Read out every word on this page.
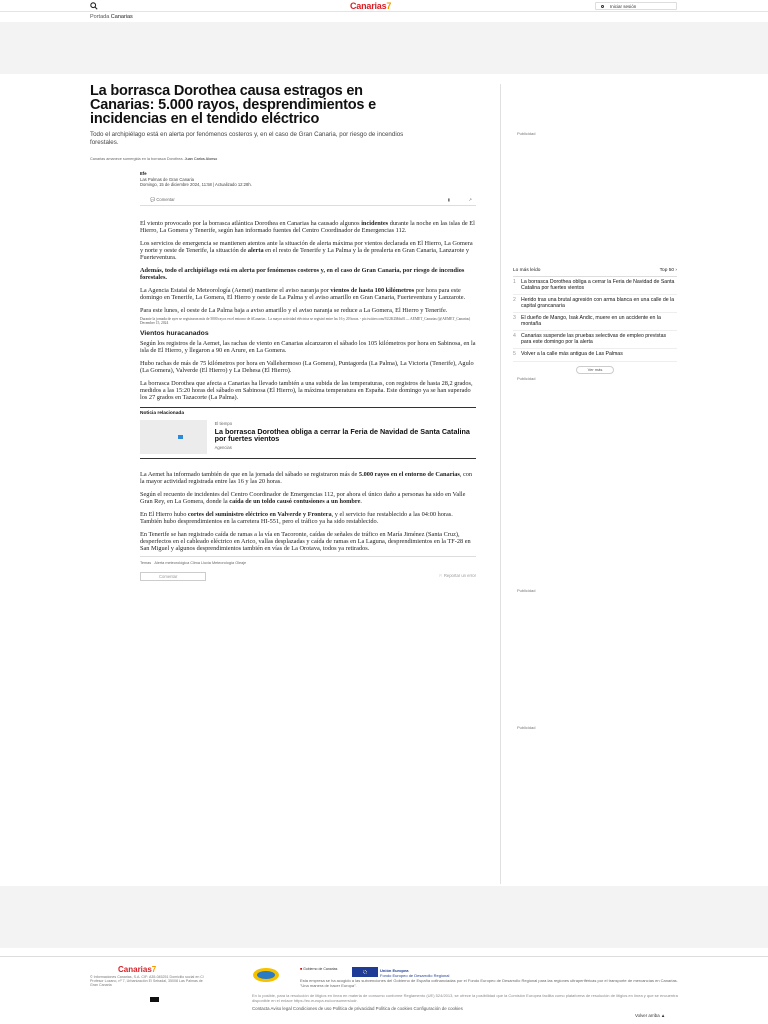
Canarias7	Iniciar sesión
Portada Canarias
La borrasca Dorothea causa estragos en Canarias: 5.000 rayos, desprendimientos e incidencias en el tendido eléctrico

Todo el archipiélago está en alerta por fenómenos costeros y, en el caso de Gran Canaria, por riesgo de incendios forestales.

Canarias amanece sumergida en la borrasca Dorothea. Juan Carlos Alonso

Efe
Las Palmas de Gran Canaria
Domingo, 15 de diciembre 2024, 11:58 | Actualizado 12:28h.
💬 Comentar	▮	↗

El viento provocado por la borrasca atlántica Dorothea en Canarias ha causado algunos incidentes durante la noche en las islas de El Hierro, La Gomera y Tenerife, según han informado fuentes del Centro Coordinador de Emergencias 112.

Los servicios de emergencia se mantienen atentos ante la situación de alerta máxima por vientos declarada en El Hierro, La Gomera y norte y oeste de Tenerife, la situación de alerta en el resto de Tenerife y La Palma y la de prealerta en Gran Canaria, Lanzarote y Fuerteventura.

Además, todo el archipiélago está en alerta por fenómenos costeros y, en el caso de Gran Canaria, por riesgo de incendios forestales.

La Agencia Estatal de Meteorología (Aemet) mantiene el aviso naranja por vientos de hasta 100 kilómetros por hora para este domingo en Tenerife, La Gomera, El Hierro y oeste de La Palma y el aviso amarillo en Gran Canaria, Fuerteventura y Lanzarote.

Para este lunes, el oeste de La Palma baja a aviso amarillo y el aviso naranja se reduce a La Gomera, El Hierro y Tenerife.

Durante la jornada de ayer se registraron más de 5000 rayos en el entorno de #Canarias . La mayor actividad eléctrica se registró entre las 16 y 20 horas. - pic.twitter.com/3U2K2Mdu0l — AEMET_Canarias (@AEMET_Canarias) December 15, 2024
Vientos huracanados

Según los registros de la Aemet, las rachas de viento en Canarias alcanzaron el sábado los 105 kilómetros por hora en Sabinosa, en la isla de El Hierro, y llegaron a 90 en Arure, en La Gomera.

Hubo rachas de más de 75 kilómetros por hora en Vallehermoso (La Gomera), Puntagorda (La Palma), La Victoria (Tenerife), Agulo (La Gomera), Valverde (El Hierro) y La Dehesa (El Hierro).

La borrasca Dorothea que afecta a Canarias ha llevado también a una subida de las temperaturas, con registros de hasta 28,2 grados, medidos a las 15:20 horas del sábado en Sabinosa (El Hierro), la máxima temperatura en España. Este domingo ya se han superado los 27 grados en Tazacorte (La Palma).

Noticia relacionada
El tiempo
La borrasca Dorothea obliga a cerrar la Feria de Navidad de Santa Catalina por fuertes vientos
Agencias

La Aemet ha informado también de que en la jornada del sábado se registraron más de 5.000 rayos en el entorno de Canarias, con la mayor actividad registrada entre las 16 y las 20 horas.

Según el recuento de incidentes del Centro Coordinador de Emergencias 112, por ahora el único daño a personas ha sido en Valle Gran Rey, en La Gomera, donde la caída de un toldo causó contusiones a un hombre.

En El Hierro hubo cortes del suministro eléctrico en Valverde y Frontera, y el servicio fue restablecido a las 04:00 horas. También hubo desprendimientos en la carretera HI-551, pero el tráfico ya ha sido restablecido.

En Tenerife se han registrado caída de ramas a la vía en Tacoronte, caídas de señales de tráfico en María Jiménez (Santa Cruz), desperfectos en el cableado eléctrico en Arico, vallas desplazadas y caída de ramas en La Laguna, desprendimientos en la TF-28 en San Miguel y algunos desprendimientos también en vías de La Orotava, todos ya retirados.

Temas Alerta meteorológica Clima Lluvia Meteorología Oleaje
Comentar	⚐ Reportar un error
Publicidad
Lo más leído	Top 50 ›
1 La borrasca Dorothea obliga a cerrar la Feria de Navidad de Santa Catalina por fuertes vientos
2 Herido tras una brutal agresión con arma blanca en una calle de la capital grancanaria
3 El dueño de Mango, Isak Andic, muere en un accidente en la montaña
4 Canarias suspende las pruebas selectivas de empleo previstas para este domingo por la alerta
5 Volver a la calle más antigua de Las Palmas
Ver más
Publicidad
Publicidad
Publicidad
Canarias7
© Informaciones Canarias, S.A. CIF: A35-045251 Domicilio social en C/ Profesor Lozano, nº 7, Urbanización El Sebadal, 35008 Las Palmas de Gran Canaria
■ Gobierno de Canarias	Unión Europea
Fondo Europeo de Desarrollo Regional
Esta empresa se ha acogido a las subvenciones del Gobierno de España cofinanciadas por el Fondo Europeo de Desarrollo Regional para las regiones ultraperiféricas por el transporte de mercancías en Canarias. "Una manera de hacer Europa".
En lo posible, para la resolución de litigios en línea en materia de consumo conforme Reglamento (UE) 524/2013, se ofrece la posibilidad que la Comisión Europea facilita como plataforma de resolución de litigios en línea y que se encuentra disponible en el enlace https://ec.europa.eu/consumers/odr.
Contacta Aviso legal Condiciones de uso Política de privacidad Política de cookies Configuración de cookies
Volver arriba ▲
